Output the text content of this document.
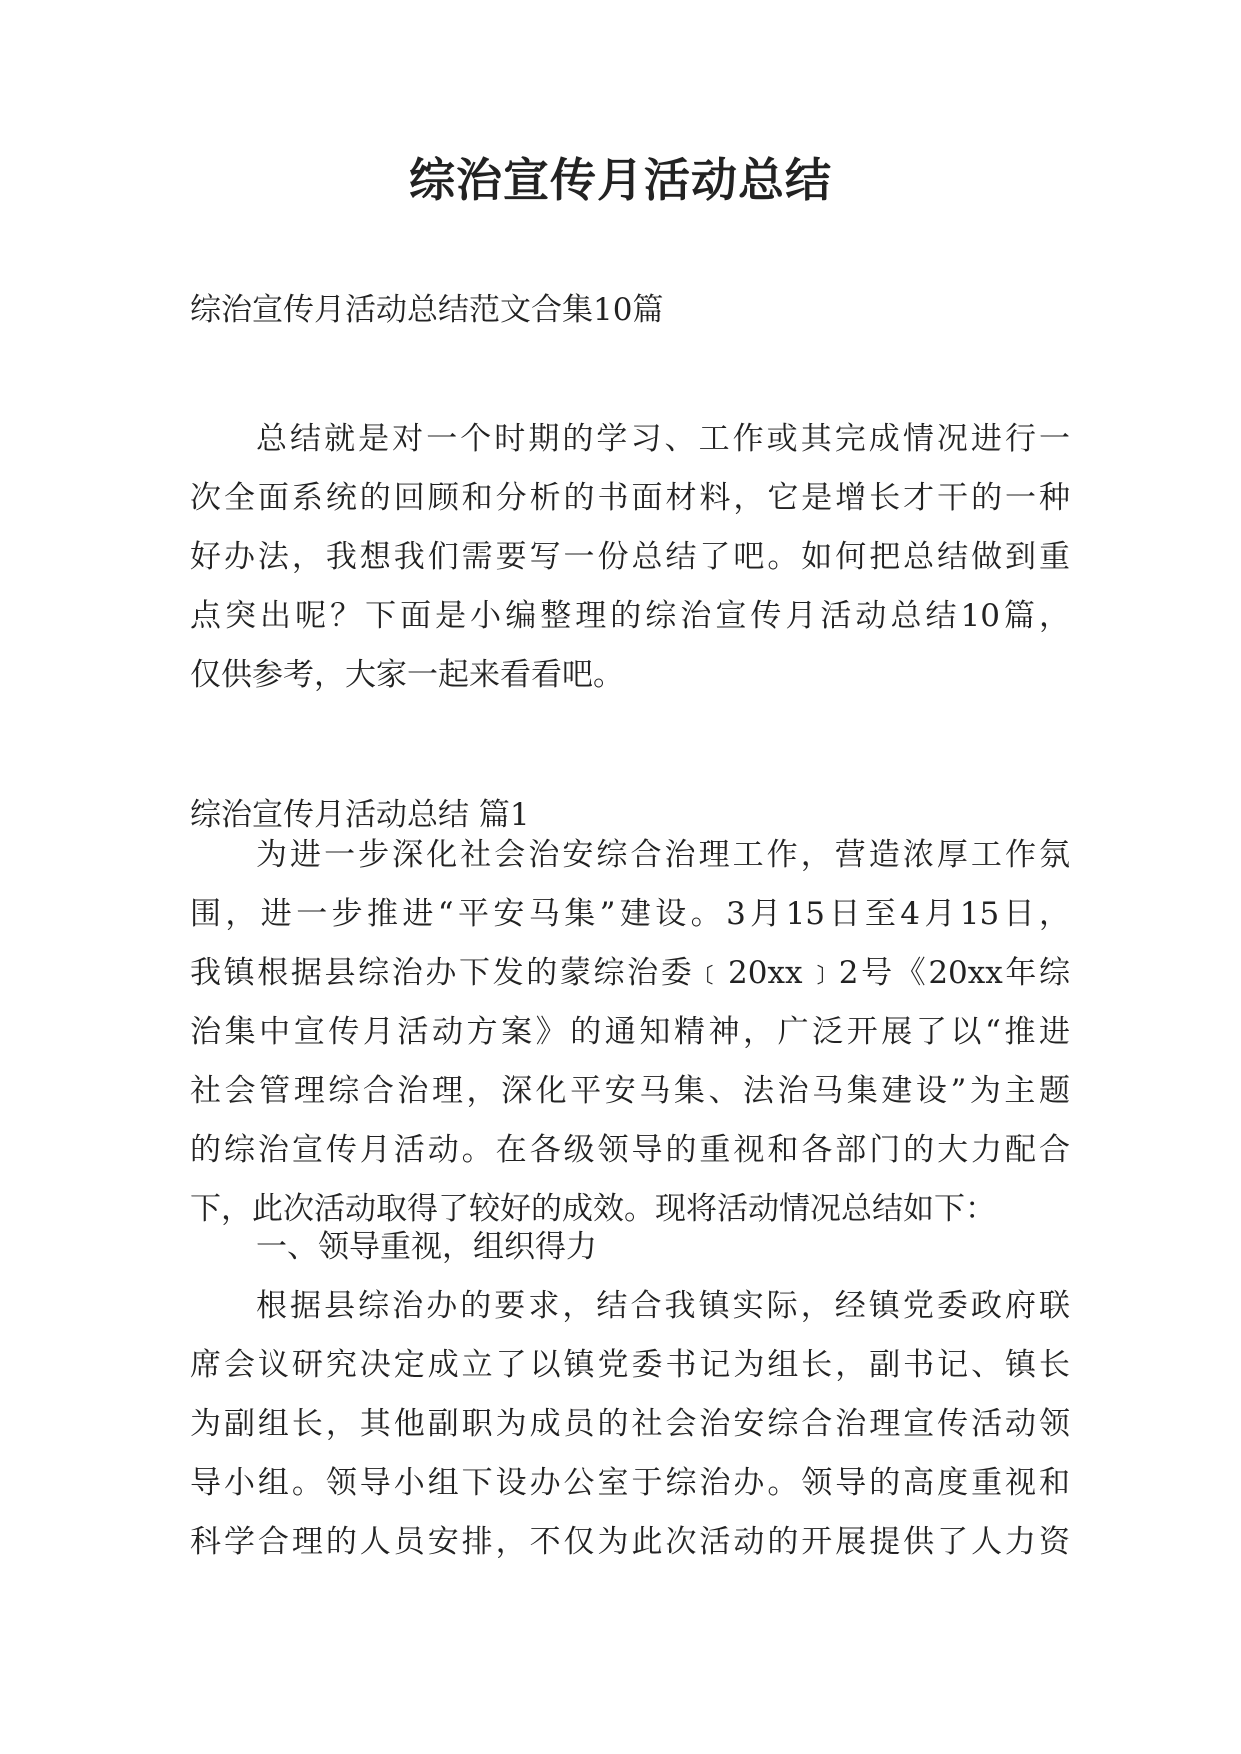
综治宣传月活动总结
综治宣传月活动总结范文合集10篇
总结就是对一个时期的学习、工作或其完成情况进行一
次全面系统的回顾和分析的书面材料，它是增长才干的一种
好办法，我想我们需要写一份总结了吧。如何把总结做到重
点突出呢？下面是小编整理的综治宣传月活动总结10篇，
仅供参考，大家一起来看看吧。
综治宣传月活动总结 篇1
为进一步深化社会治安综合治理工作，营造浓厚工作氛
围，进一步推进“平安马集”建设。3月15日至4月15日，
我镇根据县综治办下发的蒙综治委﹝20xx﹞2号《20xx年综
治集中宣传月活动方案》的通知精神，广泛开展了以“推进
社会管理综合治理，深化平安马集、法治马集建设”为主题
的综治宣传月活动。在各级领导的重视和各部门的大力配合
下，此次活动取得了较好的成效。现将活动情况总结如下：
一、领导重视，组织得力
根据县综治办的要求，结合我镇实际，经镇党委政府联
席会议研究决定成立了以镇党委书记为组长，副书记、镇长
为副组长，其他副职为成员的社会治安综合治理宣传活动领
导小组。领导小组下设办公室于综治办。领导的高度重视和
科学合理的人员安排，不仅为此次活动的开展提供了人力资
